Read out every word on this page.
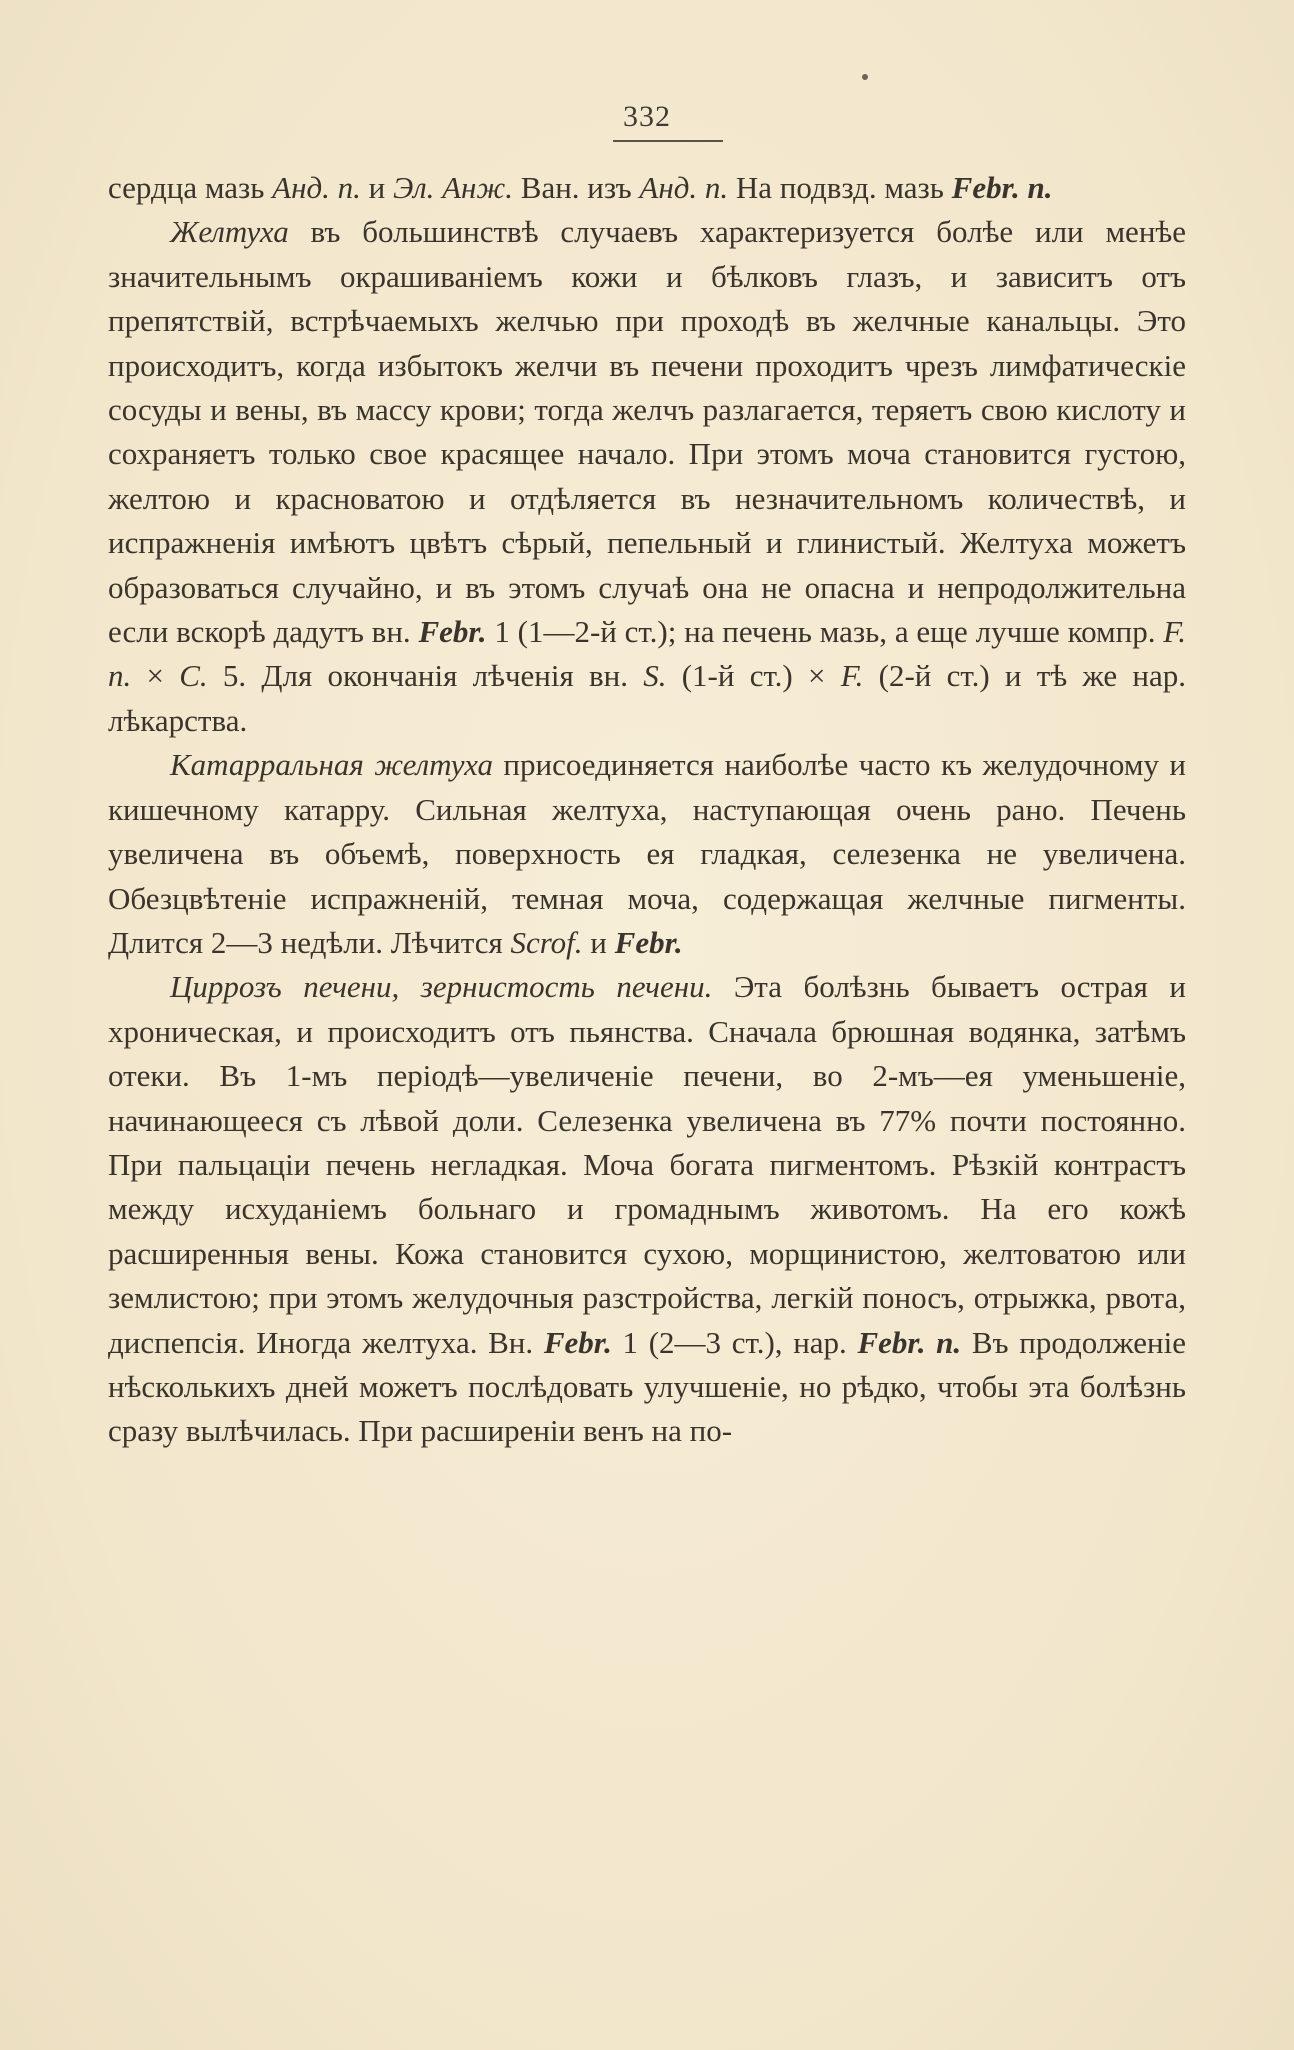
332

сердца мазь Анд. п. и Эл. Анж. Ван. изъ Анд. п. На подвзд. мазь Febr. п.

Желтуха въ большинствѣ случаевъ характеризуется болѣе или менѣе значительнымъ окрашиванiемъ кожи и бѣлковъ глазъ, и зависитъ отъ препятствiй, встрѣчаемыхъ желчью при проходѣ въ желчные канальцы. Это происходитъ, когда избытокъ желчи въ печени проходитъ чрезъ лимфатическiе сосуды и вены, въ массу крови; тогда желчъ разлагается, теряетъ свою кислоту и сохраняетъ только свое красящее начало. При этомъ моча становится густою, желтою и красноватою и отдѣляется въ незначительномъ количествѣ, и испражненiя имѣютъ цвѣтъ сѣрый, пепельный и глинистый. Желтуха можетъ образоваться случайно, и въ этомъ случаѣ она не опасна и непродолжительна если вскорѣ дадутъ вн. Febr. 1 (1—2-й ст.); на печень мазь, а еще лучше компр. F. п. × C. 5. Для окончанiя лѣченiя вн. S. (1-й ст.) × F. (2-й ст.) и тѣ же нар. лѣкарства.

Катарральная желтуха присоединяется наиболѣе часто къ желудочному и кишечному катарру. Сильная желтуха, наступающая очень рано. Печень увеличена въ объемѣ, поверхность ея гладкая, селезенка не увеличена. Обезцвѣтенiе испражненiй, темная моча, содержащая желчные пигменты. Длится 2—3 недѣли. Лѣчится Scrof. и Febr.

Циррозъ печени, зернистость печени. Эта болѣзнь бываетъ острая и хроническая, и происходитъ отъ пьянства. Сначала брюшная водянка, затѣмъ отеки. Въ 1-мъ перiодѣ—увеличенiе печени, во 2-мъ—ея уменьшенiе, начинающееся съ лѣвой доли. Селезенка увеличена въ 77% почти постоянно. При пальцацiи печень негладкая. Моча богата пигментомъ. Рѣзкiй контрастъ между исхуданiемъ больнаго и громаднымъ животомъ. На его кожѣ расширенныя вены. Кожа становится сухою, морщинистою, желтоватою или землистою; при этомъ желудочныя разстройства, легкiй поносъ, отрыжка, рвота, диспепсiя. Иногда желтуха. Вн. Febr. 1 (2—3 ст.), нар. Febr. п. Въ продолженiе нѣсколькихъ дней можетъ послѣдовать улучшенiе, но рѣдко, чтобы эта болѣзнь сразу вылѣчилась. При расширенiи венъ на по-
